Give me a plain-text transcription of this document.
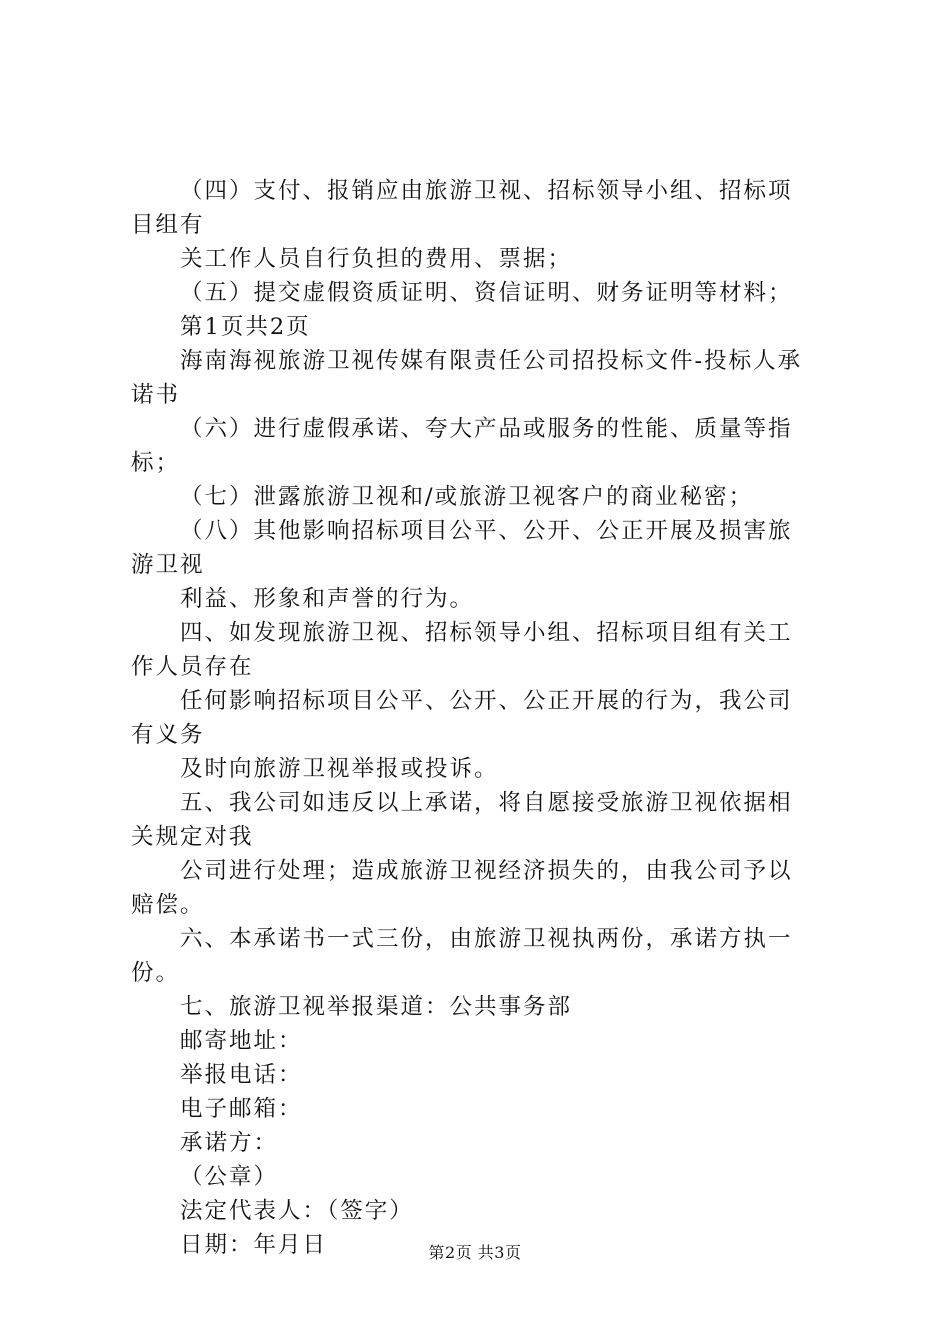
（四）支付、报销应由旅游卫视、招标领导小组、招标项
目组有
关工作人员自行负担的费用、票据；
（五）提交虚假资质证明、资信证明、财务证明等材料；
第1页共2页
海南海视旅游卫视传媒有限责任公司招投标文件-投标人承
诺书
（六）进行虚假承诺、夸大产品或服务的性能、质量等指
标；
（七）泄露旅游卫视和/或旅游卫视客户的商业秘密；
（八）其他影响招标项目公平、公开、公正开展及损害旅
游卫视
利益、形象和声誉的行为。
四、如发现旅游卫视、招标领导小组、招标项目组有关工
作人员存在
任何影响招标项目公平、公开、公正开展的行为，我公司
有义务
及时向旅游卫视举报或投诉。
五、我公司如违反以上承诺，将自愿接受旅游卫视依据相
关规定对我
公司进行处理；造成旅游卫视经济损失的，由我公司予以
赔偿。
六、本承诺书一式三份，由旅游卫视执两份，承诺方执一
份。
七、旅游卫视举报渠道：公共事务部
邮寄地址：
举报电话：
电子邮箱：
承诺方：
（公章）
法定代表人：（签字）
日期：年月日	第2页 共3页
